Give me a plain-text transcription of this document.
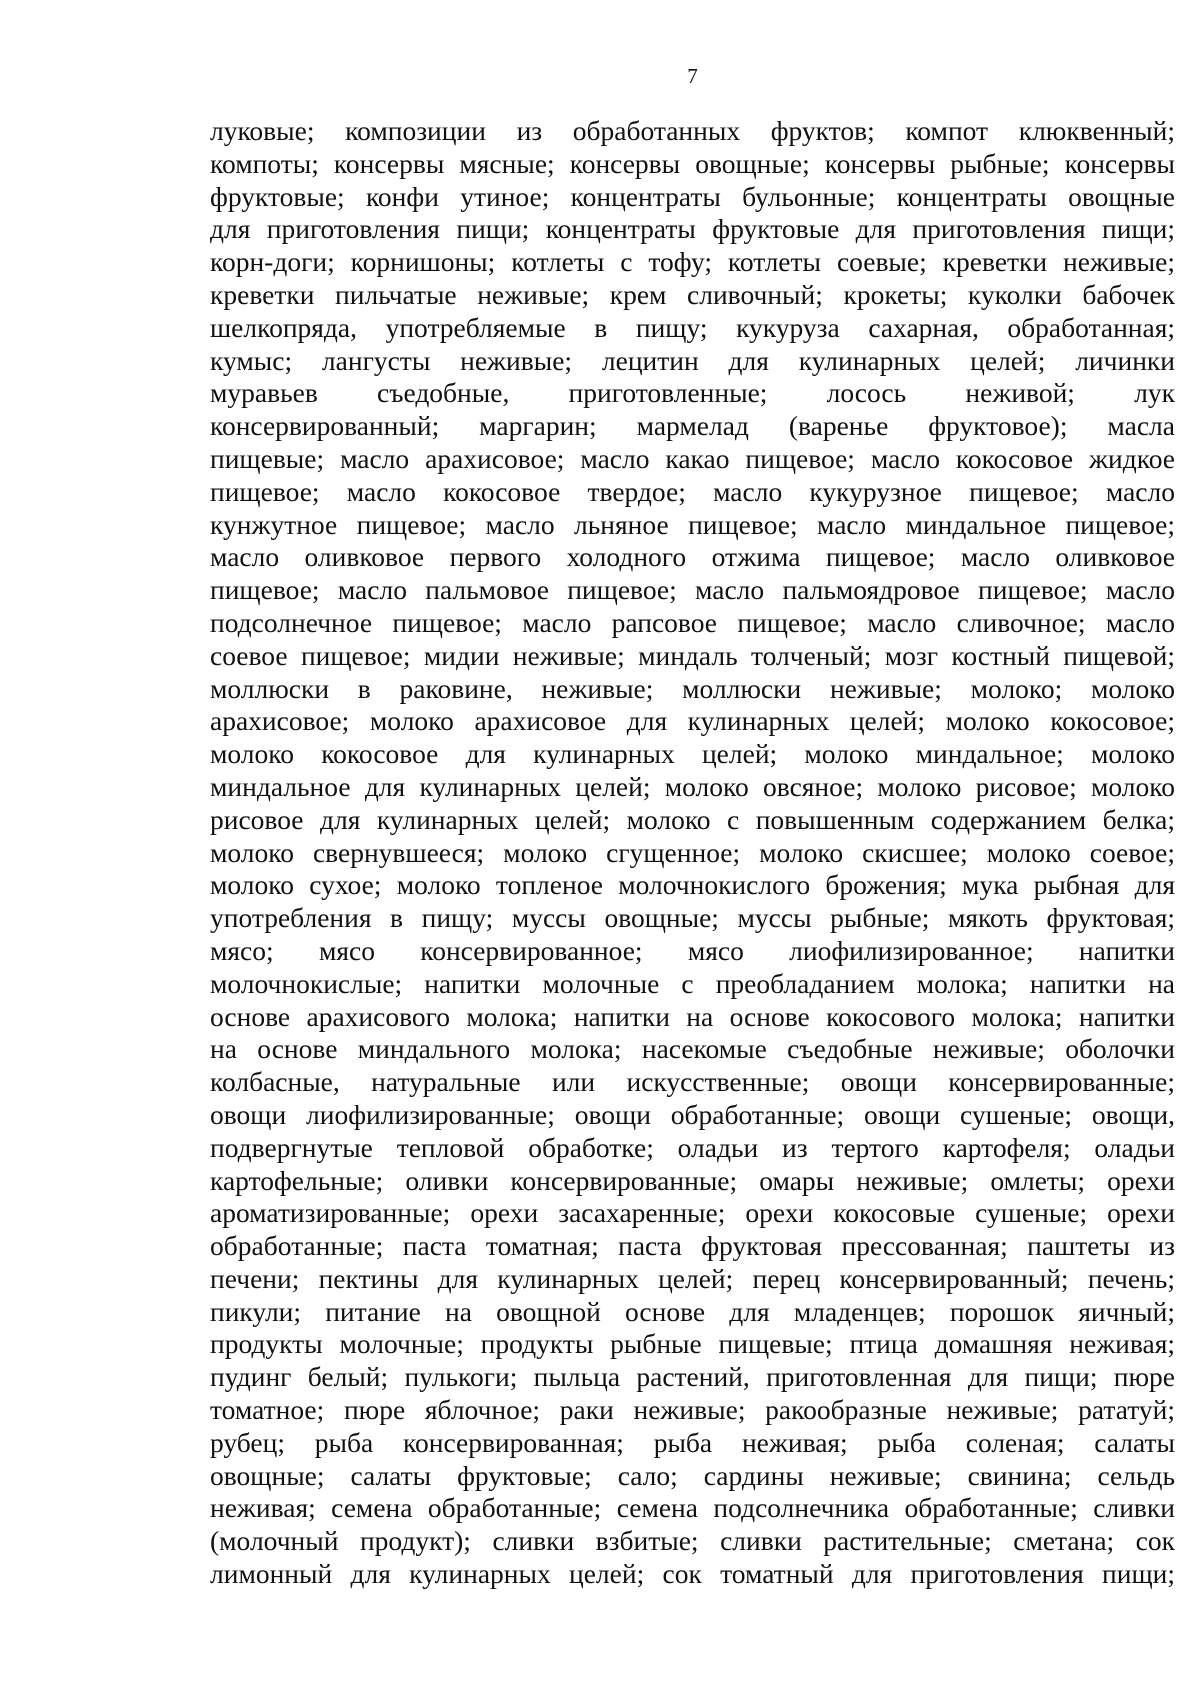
7
луковые; композиции из обработанных фруктов; компот клюквенный;
компоты; консервы мясные; консервы овощные; консервы рыбные; консервы
фруктовые; конфи утиное; концентраты бульонные; концентраты овощные
для приготовления пищи; концентраты фруктовые для приготовления пищи;
корн-доги; корнишоны; котлеты с тофу; котлеты соевые; креветки неживые;
креветки пильчатые неживые; крем сливочный; крокеты; куколки бабочек
шелкопряда, употребляемые в пищу; кукуруза сахарная, обработанная;
кумыс; лангусты неживые; лецитин для кулинарных целей; личинки
муравьев съедобные, приготовленные; лосось неживой; лук
консервированный; маргарин; мармелад (варенье фруктовое); масла
пищевые; масло арахисовое; масло какао пищевое; масло кокосовое жидкое
пищевое; масло кокосовое твердое; масло кукурузное пищевое; масло
кунжутное пищевое; масло льняное пищевое; масло миндальное пищевое;
масло оливковое первого холодного отжима пищевое; масло оливковое
пищевое; масло пальмовое пищевое; масло пальмоядровое пищевое; масло
подсолнечное пищевое; масло рапсовое пищевое; масло сливочное; масло
соевое пищевое; мидии неживые; миндаль толченый; мозг костный пищевой;
моллюски в раковине, неживые; моллюски неживые; молоко; молоко
арахисовое; молоко арахисовое для кулинарных целей; молоко кокосовое;
молоко кокосовое для кулинарных целей; молоко миндальное; молоко
миндальное для кулинарных целей; молоко овсяное; молоко рисовое; молоко
рисовое для кулинарных целей; молоко с повышенным содержанием белка;
молоко свернувшееся; молоко сгущенное; молоко скисшее; молоко соевое;
молоко сухое; молоко топленое молочнокислого брожения; мука рыбная для
употребления в пищу; муссы овощные; муссы рыбные; мякоть фруктовая;
мясо; мясо консервированное; мясо лиофилизированное; напитки
молочнокислые; напитки молочные с преобладанием молока; напитки на
основе арахисового молока; напитки на основе кокосового молока; напитки
на основе миндального молока; насекомые съедобные неживые; оболочки
колбасные, натуральные или искусственные; овощи консервированные;
овощи лиофилизированные; овощи обработанные; овощи сушеные; овощи,
подвергнутые тепловой обработке; оладьи из тертого картофеля; оладьи
картофельные; оливки консервированные; омары неживые; омлеты; орехи
ароматизированные; орехи засахаренные; орехи кокосовые сушеные; орехи
обработанные; паста томатная; паста фруктовая прессованная; паштеты из
печени; пектины для кулинарных целей; перец консервированный; печень;
пикули; питание на овощной основе для младенцев; порошок яичный;
продукты молочные; продукты рыбные пищевые; птица домашняя неживая;
пудинг белый; пулькоги; пыльца растений, приготовленная для пищи; пюре
томатное; пюре яблочное; раки неживые; ракообразные неживые; рататуй;
рубец; рыба консервированная; рыба неживая; рыба соленая; салаты
овощные; салаты фруктовые; сало; сардины неживые; свинина; сельдь
неживая; семена обработанные; семена подсолнечника обработанные; сливки
(молочный продукт); сливки взбитые; сливки растительные; сметана; сок
лимонный для кулинарных целей; сок томатный для приготовления пищи;
